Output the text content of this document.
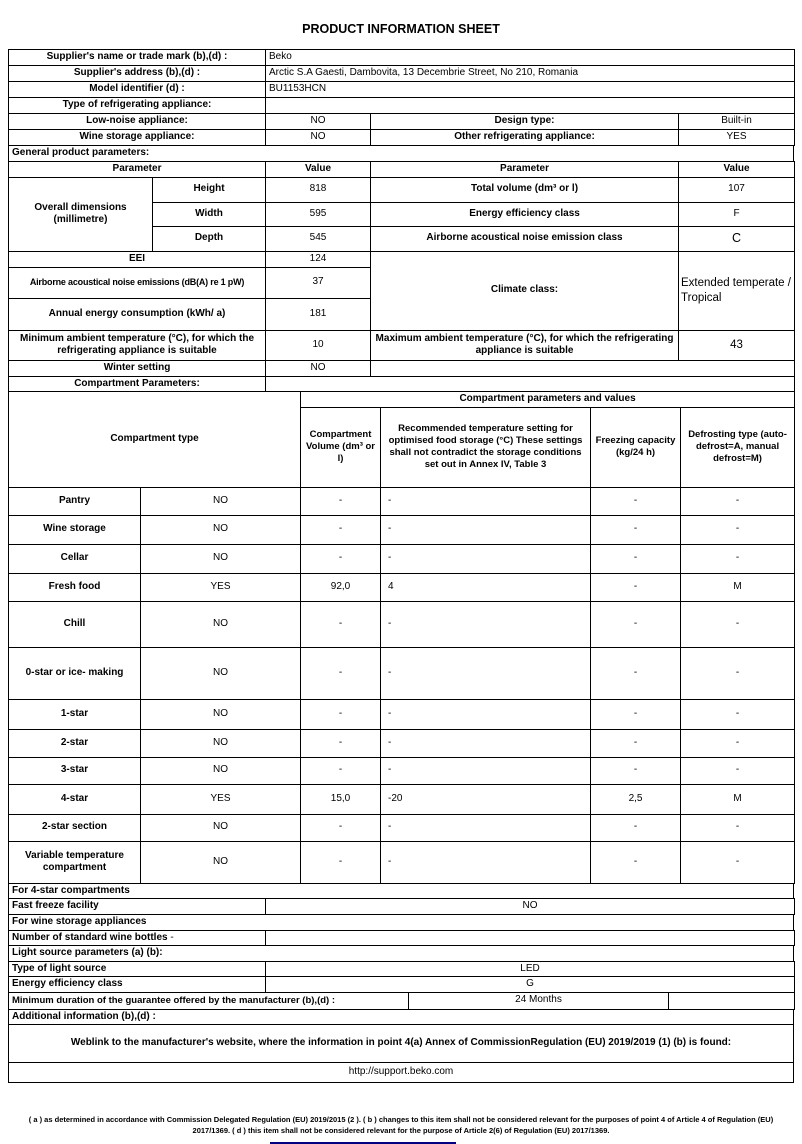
PRODUCT INFORMATION SHEET
Supplier's name or trade mark (b),(d) :	Beko
Supplier's address (b),(d) :	Arctic S.A Gaesti, Dambovita, 13 Decembrie Street, No 210, Romania
Model identifier (d) :	BU1153HCN
Type of refrigerating appliance:	
Low-noise appliance:	NO	Design type:	Built-in
Wine storage appliance:	NO	Other refrigerating appliance:	YES
General product parameters:
Parameter		Value	Parameter	Value
Overall dimensions (millimetre)	Height	818	Total volume (dm³ or l)	107
	Width	595	Energy efficiency class	F
	Depth	545	Airborne acoustical noise emission class	C
EEI		124	Climate class:	Extended temperate / Tropical
Airborne acoustical noise emissions (dB(A) re 1 pW)		37		
Annual energy consumption (kWh/ a)		181		
Minimum ambient temperature (°C), for which the refrigerating appliance is suitable		10	Maximum ambient temperature (°C), for which the refrigerating appliance is suitable	43
Winter setting		NO		
Compartment Parameters:	
Compartment type		Compartment parameters and values			
		Compartment Volume (dm³ or l)	Recommended temperature setting for optimised food storage (°C) These settings shall not contradict the storage conditions set out in Annex IV, Table 3	Freezing capacity (kg/24 h)	Defrosting type (auto-defrost=A, manual defrost=M)
Pantry	NO	-	-	-	-
Wine storage	NO	-	-	-	-
Cellar	NO	-	-	-	-
Fresh food	YES	92,0	4	-	M
Chill	NO	-	-	-	-
0-star or ice- making	NO	-	-	-	-
1-star	NO	-	-	-	-
2-star	NO	-	-	-	-
3-star	NO	-	-	-	-
4-star	YES	15,0	-20	2,5	M
2-star section	NO	-	-	-	-
Variable temperature compartment	NO	-	-	-	-
For 4-star compartments
Fast freeze facility	NO
For wine storage appliances
Number of standard wine bottles -	
Light source parameters (a) (b):
Type of light source	LED
Energy efficiency class	G
Minimum duration of the guarantee offered by the manufacturer (b),(d) :	24 Months	
Additional information (b),(d) :
Weblink to the manufacturer's website, where the information in point 4(a) Annex of CommissionRegulation (EU) 2019/2019 (1) (b) is found:
http://support.beko.com
( a ) as determined in accordance with Commission Delegated Regulation (EU) 2019/2015 (2 ). ( b ) changes to this item shall not be considered relevant for the purposes of point 4 of Article 4 of Regulation (EU) 2017/1369. ( d ) this item shall not be considered relevant for the purpose of Article 2(6) of Regulation (EU) 2017/1369.
